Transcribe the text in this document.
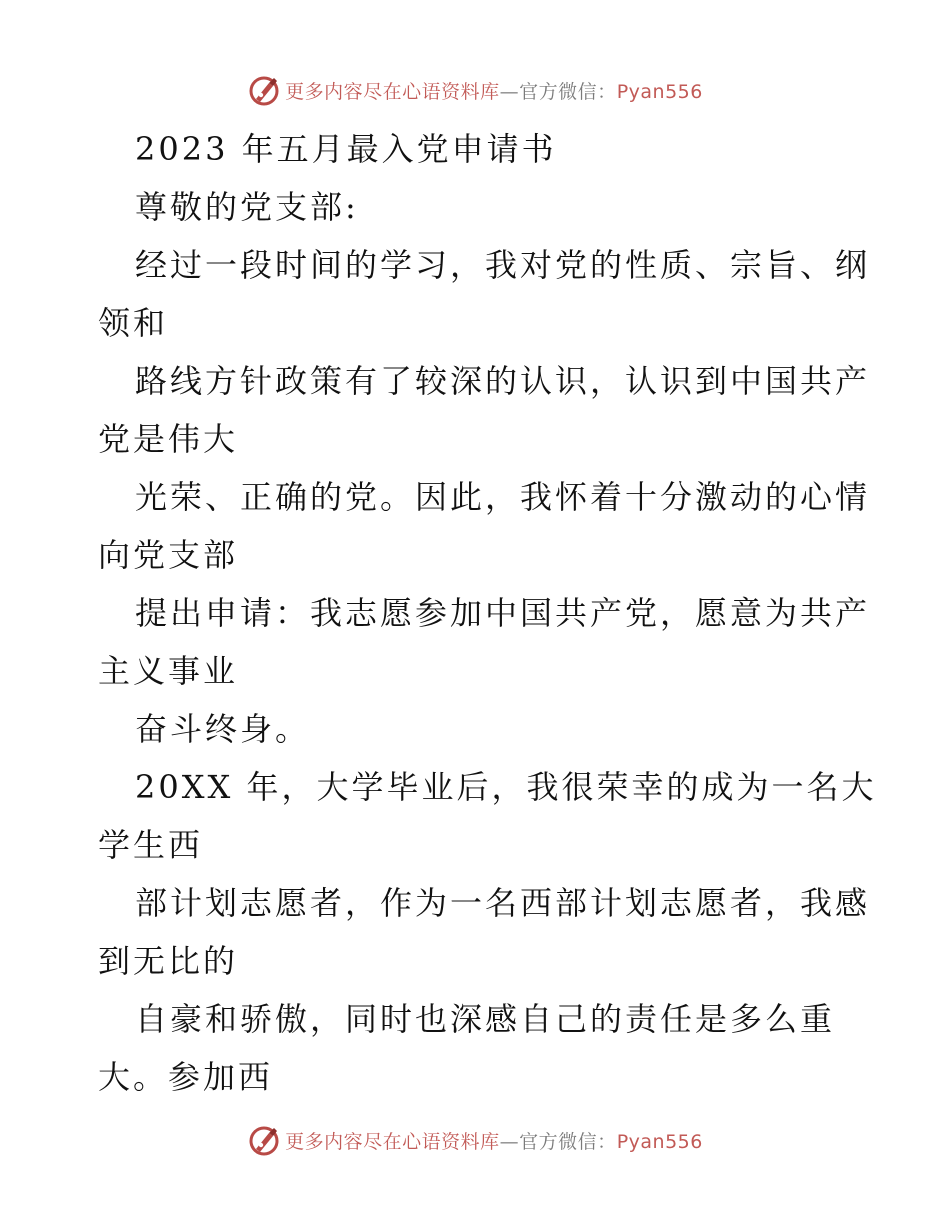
更多内容尽在心语资料库—官方微信：Pyan556
2023 年五月最入党申请书
尊敬的党支部:
经过一段时间的学习，我对党的性质、宗旨、纲
领和
路线方针政策有了较深的认识，认识到中国共产
党是伟大
光荣、正确的党。因此，我怀着十分激动的心情
向党支部
提出申请：我志愿参加中国共产党，愿意为共产
主义事业
奋斗终身。
20XX 年，大学毕业后，我很荣幸的成为一名大
学生西
部计划志愿者，作为一名西部计划志愿者，我感
到无比的
自豪和骄傲，同时也深感自己的责任是多么重
大。参加西
更多内容尽在心语资料库—官方微信：Pyan556
